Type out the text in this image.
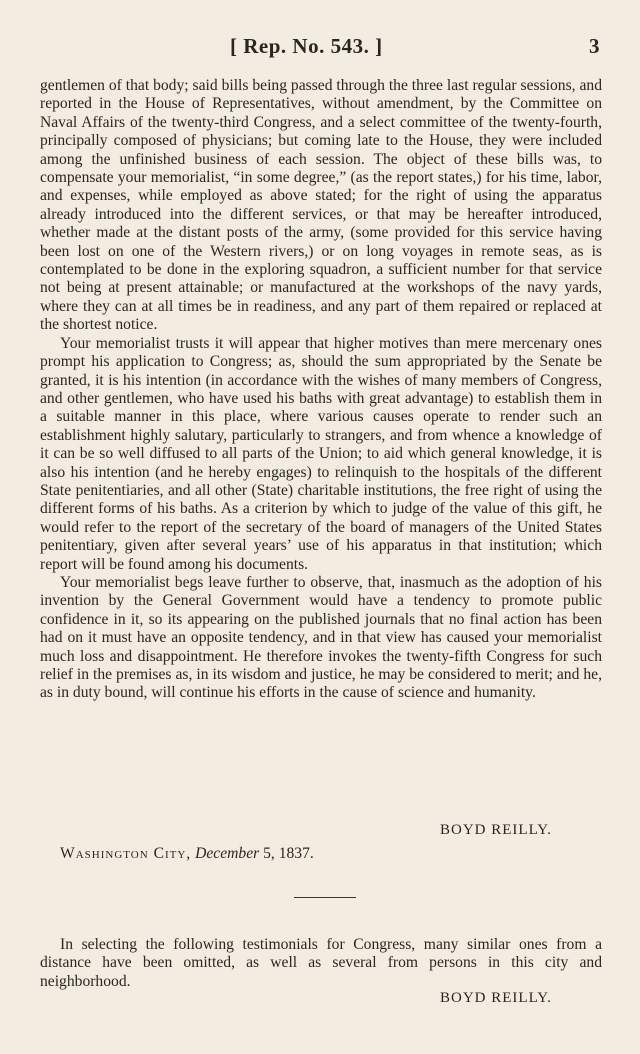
[ Rep. No. 543. ]	3

gentlemen of that body; said bills being passed through the three last regular sessions, and reported in the House of Representatives, without amendment, by the Committee on Naval Affairs of the twenty-third Congress, and a select committee of the twenty-fourth, principally composed of physicians; but coming late to the House, they were included among the unfinished business of each session. The object of these bills was, to compensate your memorialist, “in some degree,” (as the report states,) for his time, labor, and expenses, while employed as above stated; for the right of using the apparatus already introduced into the different services, or that may be hereafter introduced, whether made at the distant posts of the army, (some provided for this service having been lost on one of the Western rivers,) or on long voyages in remote seas, as is contemplated to be done in the exploring squadron, a sufficient number for that service not being at present attainable; or manufactured at the workshops of the navy yards, where they can at all times be in readiness, and any part of them repaired or replaced at the shortest notice.

Your memorialist trusts it will appear that higher motives than mere mercenary ones prompt his application to Congress; as, should the sum appropriated by the Senate be granted, it is his intention (in accordance with the wishes of many members of Congress, and other gentlemen, who have used his baths with great advantage) to establish them in a suitable manner in this place, where various causes operate to render such an establishment highly salutary, particularly to strangers, and from whence a knowledge of it can be so well diffused to all parts of the Union; to aid which general knowledge, it is also his intention (and he hereby engages) to relinquish to the hospitals of the different State penitentiaries, and all other (State) charitable institutions, the free right of using the different forms of his baths. As a criterion by which to judge of the value of this gift, he would refer to the report of the secretary of the board of managers of the United States penitentiary, given after several years’ use of his apparatus in that institution; which report will be found among his documents.

Your memorialist begs leave further to observe, that, inasmuch as the adoption of his invention by the General Government would have a tendency to promote public confidence in it, so its appearing on the published journals that no final action has been had on it must have an opposite tendency, and in that view has caused your memorialist much loss and disappointment. He therefore invokes the twenty-fifth Congress for such relief in the premises as, in its wisdom and justice, he may be considered to merit; and he, as in duty bound, will continue his efforts in the cause of science and humanity.

BOYD REILLY.
Washington City, December 5, 1837.

In selecting the following testimonials for Congress, many similar ones from a distance have been omitted, as well as several from persons in this city and neighborhood.

BOYD REILLY.
